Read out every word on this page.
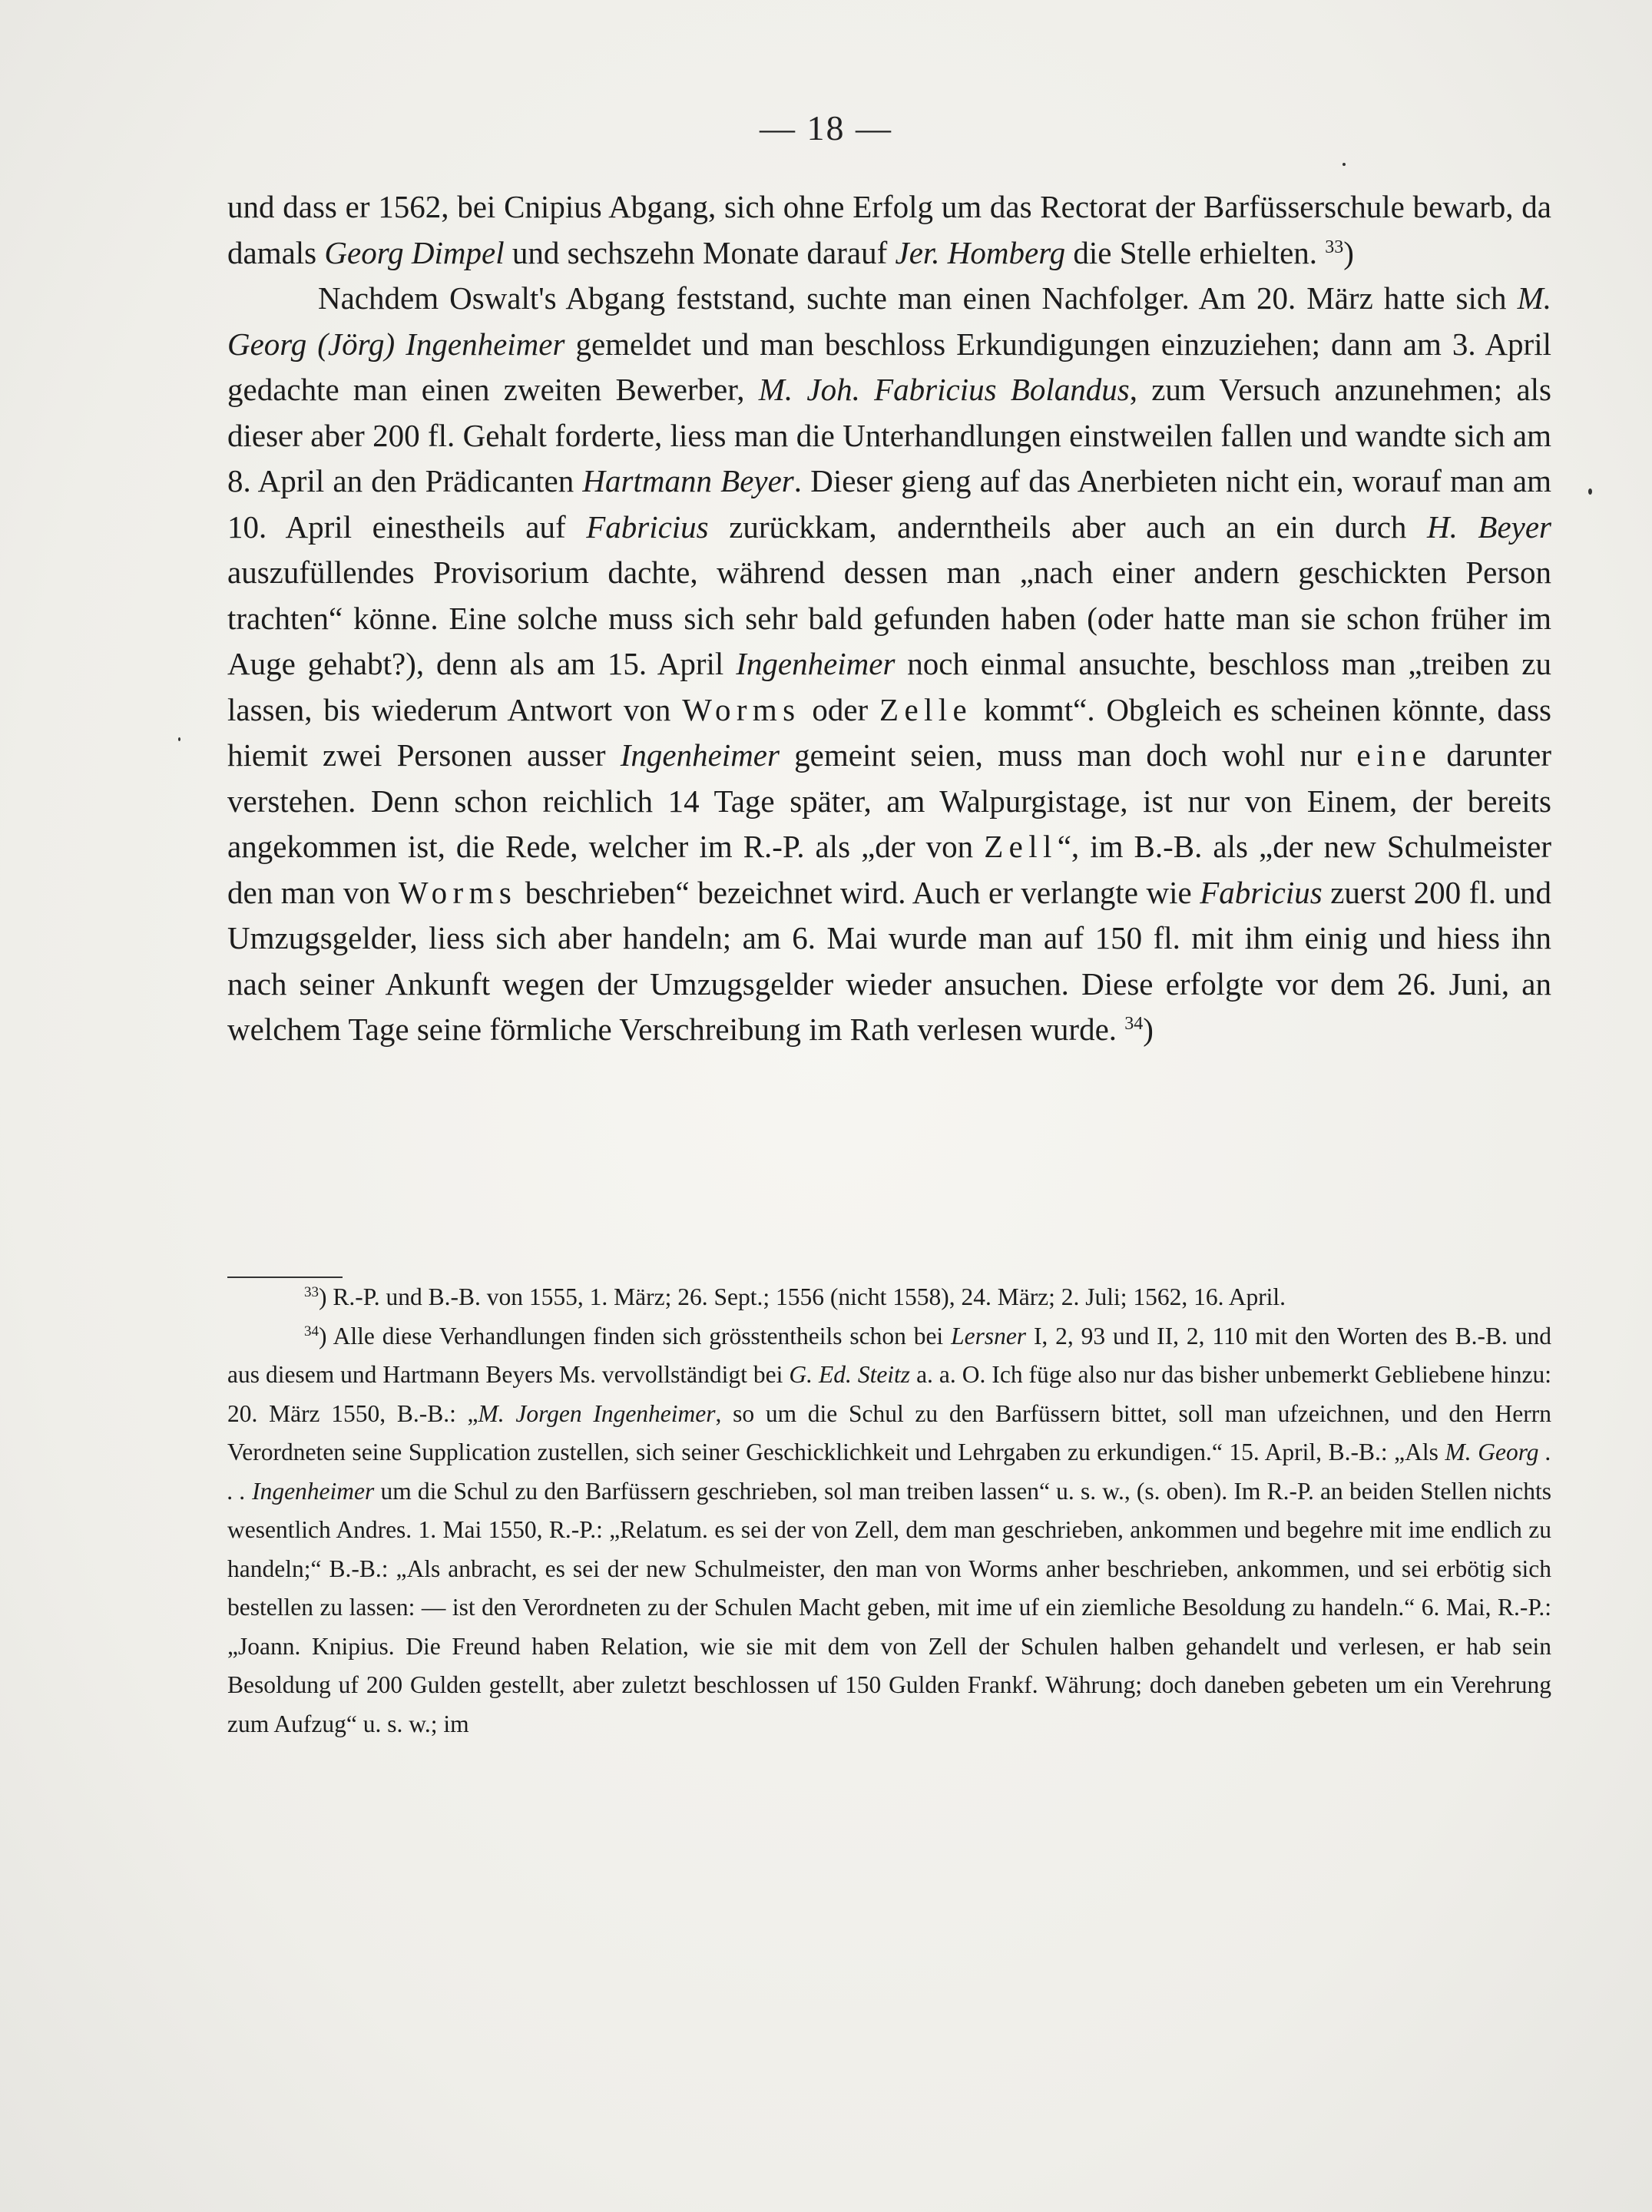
— 18 —

und dass er 1562, bei Cnipius Abgang, sich ohne Erfolg um das Rectorat der Barfüsserschule bewarb, da damals Georg Dimpel und sechszehn Monate darauf Jer. Homberg die Stelle erhielten. $^{33}$)

Nachdem Oswalt's Abgang feststand, suchte man einen Nachfolger. Am 20. März hatte sich M. Georg (Jörg) Ingenheimer gemeldet und man beschloss Erkundigungen einzuziehen; dann am 3. April gedachte man einen zweiten Bewerber, M. Joh. Fabricius Bolandus, zum Versuch anzunehmen; als dieser aber 200 fl. Gehalt forderte, liess man die Unterhandlungen einstweilen fallen und wandte sich am 8. April an den Prädicanten Hartmann Beyer. Dieser gieng auf das Anerbieten nicht ein, worauf man am 10. April einestheils auf Fabricius zurückkam, anderntheils aber auch an ein durch H. Beyer auszufüllendes Provisorium dachte, während dessen man „nach einer andern geschickten Person trachten“ könne. Eine solche muss sich sehr bald gefunden haben (oder hatte man sie schon früher im Auge gehabt?), denn als am 15. April Ingenheimer noch einmal ansuchte, beschloss man „treiben zu lassen, bis wiederum Antwort von Worms oder Zelle kommt“. Obgleich es scheinen könnte, dass hiemit zwei Personen ausser Ingenheimer gemeint seien, muss man doch wohl nur eine darunter verstehen. Denn schon reichlich 14 Tage später, am Walpurgistage, ist nur von Einem, der bereits angekommen ist, die Rede, welcher im R.-P. als „der von Zell“, im B.-B. als „der new Schulmeister den man von Worms beschrieben“ bezeichnet wird. Auch er verlangte wie Fabricius zuerst 200 fl. und Umzugsgelder, liess sich aber handeln; am 6. Mai wurde man auf 150 fl. mit ihm einig und hiess ihn nach seiner Ankunft wegen der Umzugsgelder wieder ansuchen. Diese erfolgte vor dem 26. Juni, an welchem Tage seine förmliche Verschreibung im Rath verlesen wurde. $^{34}$)

$^{33}$) R.-P. und B.-B. von 1555, 1. März; 26. Sept.; 1556 (nicht 1558), 24. März; 2. Juli; 1562, 16. April.

$^{34}$) Alle diese Verhandlungen finden sich grösstentheils schon bei Lersner I, 2, 93 und II, 2, 110 mit den Worten des B.-B. und aus diesem und Hartmann Beyers Ms. vervollständigt bei G. Ed. Steitz a. a. O. Ich füge also nur das bisher unbemerkt Gebliebene hinzu: 20. März 1550, B.-B.: „M. Jorgen Ingenheimer, so um die Schul zu den Barfüssern bittet, soll man ufzeichnen, und den Herrn Verordneten seine Supplication zustellen, sich seiner Geschicklichkeit und Lehrgaben zu erkundigen.“ 15. April, B.-B.: „Als M. Georg . . . Ingenheimer um die Schul zu den Barfüssern geschrieben, sol man treiben lassen“ u. s. w., (s. oben). Im R.-P. an beiden Stellen nichts wesentlich Andres. 1. Mai 1550, R.-P.: „Relatum. es sei der von Zell, dem man geschrieben, ankommen und begehre mit ime endlich zu handeln;“ B.-B.: „Als anbracht, es sei der new Schulmeister, den man von Worms anher beschrieben, ankommen, und sei erbötig sich bestellen zu lassen: — ist den Verordneten zu der Schulen Macht geben, mit ime uf ein ziemliche Besoldung zu handeln.“ 6. Mai, R.-P.: „Joann. Knipius. Die Freund haben Relation, wie sie mit dem von Zell der Schulen halben gehandelt und verlesen, er hab sein Besoldung uf 200 Gulden gestellt, aber zuletzt beschlossen uf 150 Gulden Frankf. Währung; doch daneben gebeten um ein Verehrung zum Aufzug“ u. s. w.; im
